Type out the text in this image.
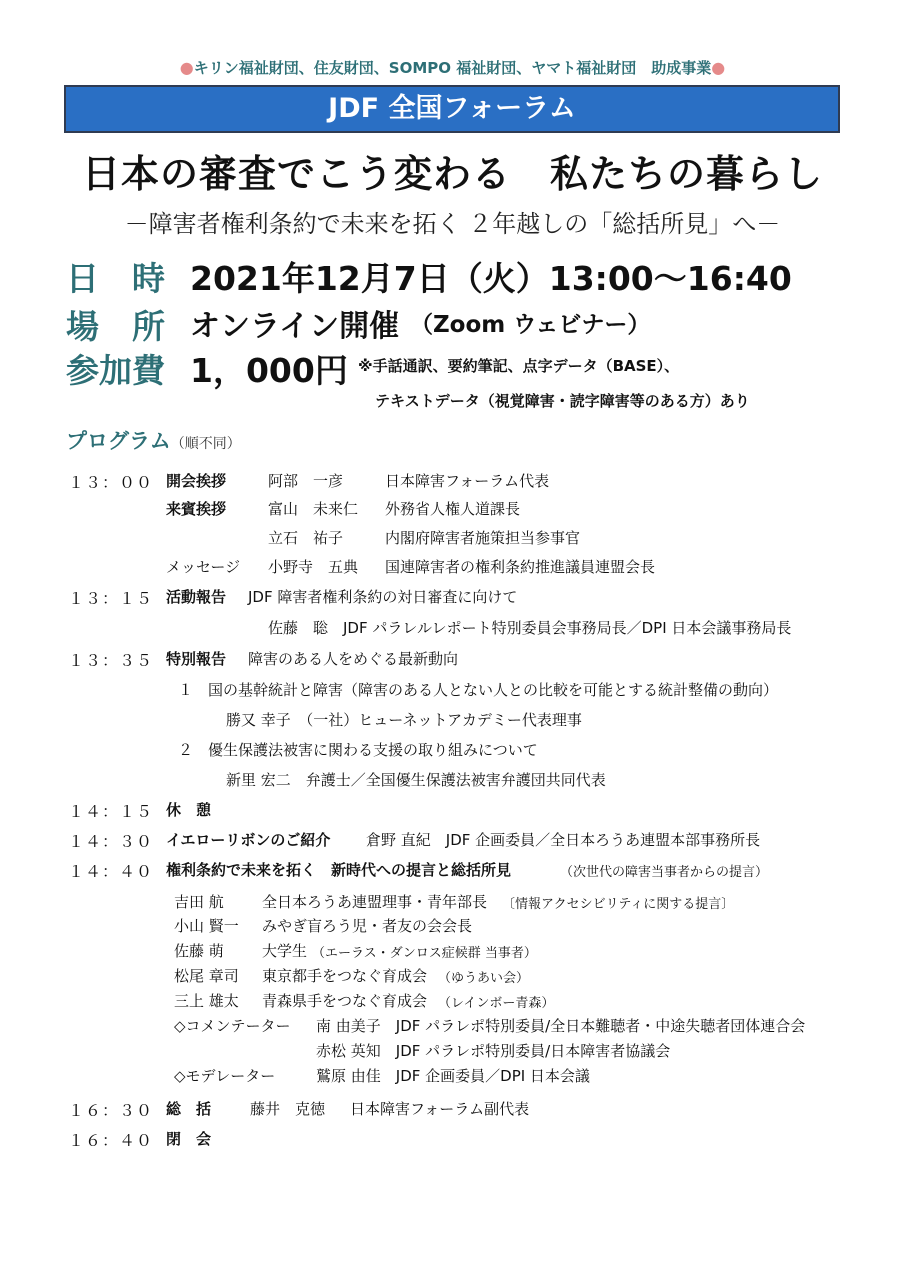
●キリン福祉財団、住友財団、SOMPO 福祉財団、ヤマト福祉財団　助成事業●
JDF 全国フォーラム
日本の審査でこう変わる　私たちの暮らし
－障害者権利条約で未来を拓く ２年越しの「総括所見」へ－
日　時 2021年12月7日（火）13:00〜16:40
場　所 オンライン開催 （Zoom ウェビナー）
参加費 1，000円 ※手話通訳、要約筆記、点字データ（BASE）、
テキストデータ（視覚障害・読字障害等のある方）あり
プログラム（順不同）
１３：００ 開会挨拶	阿部　一彦	日本障害フォーラム代表
来賓挨拶	富山　未来仁 外務省人権人道課長
立石　祐子	内閣府障害者施策担当参事官
メッセージ 小野寺　五典 国連障害者の権利条約推進議員連盟会長
１３：１５ 活動報告 JDF 障害者権利条約の対日審査に向けて
佐藤　聡　JDF パラレルレポート特別委員会事務局長／DPI 日本会議事務局長
１３：３５ 特別報告 障害のある人をめぐる最新動向
１　国の基幹統計と障害（障害のある人とない人との比較を可能とする統計整備の動向）
勝又 幸子　（一社）ヒューネットアカデミー代表理事
２　優生保護法被害に関わる支援の取り組みについて
新里 宏二　弁護士／全国優生保護法被害弁護団共同代表
１４：１５ 休　憩
１４：３０ イエローリボンのご紹介 倉野 直紀　JDF 企画委員／全日本ろうあ連盟本部事務所長
１４：４０ 権利条約で未来を拓く　新時代への提言と総括所見	（次世代の障害当事者からの提言）
吉田 航	全日本ろうあ連盟理事・青年部長 〔情報アクセシビリティに関する提言〕
小山 賢一 みやぎ盲ろう児・者友の会会長
佐藤 萌	大学生 （エーラス・ダンロス症候群 当事者）
松尾 章司 東京都手をつなぐ育成会 （ゆうあい会）
三上 雄太 青森県手をつなぐ育成会 （レインボー青森）
◇コメンテーター 南 由美子　JDF パラレポ特別委員/全日本難聴者・中途失聴者団体連合会
赤松 英知　JDF パラレポ特別委員/日本障害者協議会
◇モデレーター	鷲原 由佳　JDF 企画委員／DPI 日本会議
１６：３０ 総　括	藤井　克徳 日本障害フォーラム副代表
１６：４０ 閉　会
